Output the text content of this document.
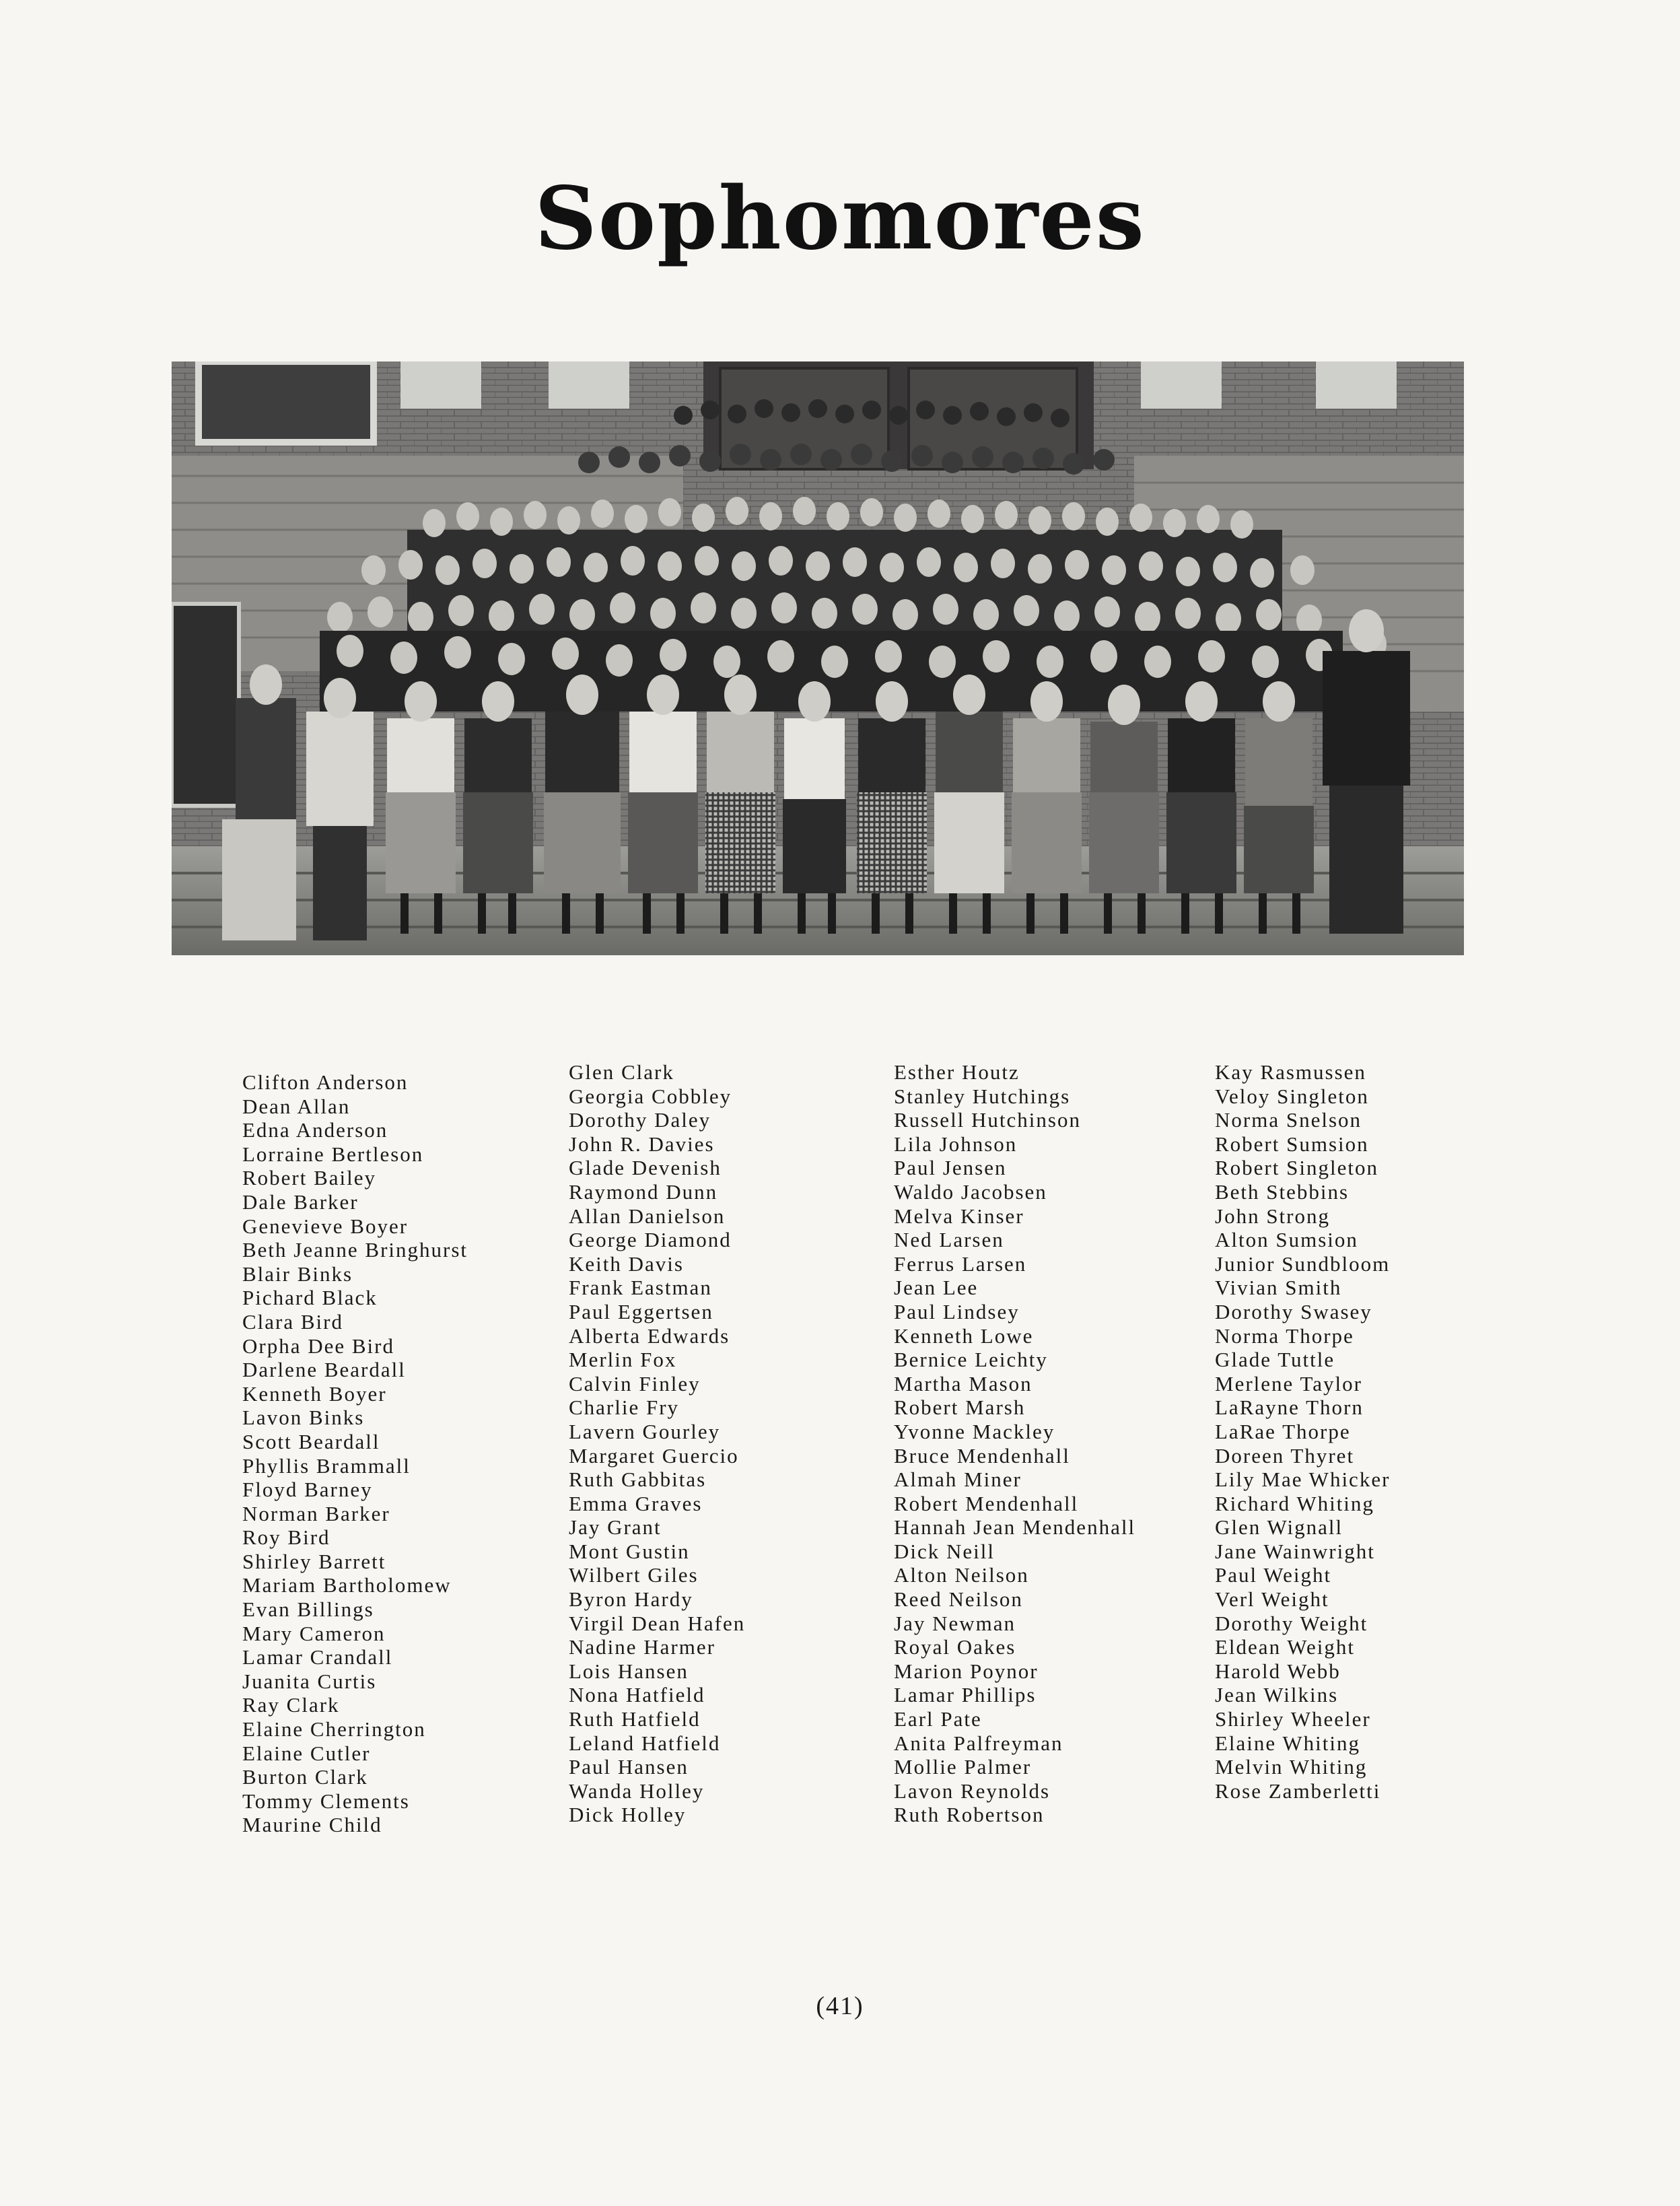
Sophomores
Clifton Anderson
Dean Allan
Edna Anderson
Lorraine Bertleson
Robert Bailey
Dale Barker
Genevieve Boyer
Beth Jeanne Bringhurst
Blair Binks
Pichard Black
Clara Bird
Orpha Dee Bird
Darlene Beardall
Kenneth Boyer
Lavon Binks
Scott Beardall
Phyllis Brammall
Floyd Barney
Norman Barker
Roy Bird
Shirley Barrett
Mariam Bartholomew
Evan Billings
Mary Cameron
Lamar Crandall
Juanita Curtis
Ray Clark
Elaine Cherrington
Elaine Cutler
Burton Clark
Tommy Clements
Maurine Child
Glen Clark
Georgia Cobbley
Dorothy Daley
John R. Davies
Glade Devenish
Raymond Dunn
Allan Danielson
George Diamond
Keith Davis
Frank Eastman
Paul Eggertsen
Alberta Edwards
Merlin Fox
Calvin Finley
Charlie Fry
Lavern Gourley
Margaret Guercio
Ruth Gabbitas
Emma Graves
Jay Grant
Mont Gustin
Wilbert Giles
Byron Hardy
Virgil Dean Hafen
Nadine Harmer
Lois Hansen
Nona Hatfield
Ruth Hatfield
Leland Hatfield
Paul Hansen
Wanda Holley
Dick Holley
Esther Houtz
Stanley Hutchings
Russell Hutchinson
Lila Johnson
Paul Jensen
Waldo Jacobsen
Melva Kinser
Ned Larsen
Ferrus Larsen
Jean Lee
Paul Lindsey
Kenneth Lowe
Bernice Leichty
Martha Mason
Robert Marsh
Yvonne Mackley
Bruce Mendenhall
Almah Miner
Robert Mendenhall
Hannah Jean Mendenhall
Dick Neill
Alton Neilson
Reed Neilson
Jay Newman
Royal Oakes
Marion Poynor
Lamar Phillips
Earl Pate
Anita Palfreyman
Mollie Palmer
Lavon Reynolds
Ruth Robertson
Kay Rasmussen
Veloy Singleton
Norma Snelson
Robert Sumsion
Robert Singleton
Beth Stebbins
John Strong
Alton Sumsion
Junior Sundbloom
Vivian Smith
Dorothy Swasey
Norma Thorpe
Glade Tuttle
Merlene Taylor
LaRayne Thorn
LaRae Thorpe
Doreen Thyret
Lily Mae Whicker
Richard Whiting
Glen Wignall
Jane Wainwright
Paul Weight
Verl Weight
Dorothy Weight
Eldean Weight
Harold Webb
Jean Wilkins
Shirley Wheeler
Elaine Whiting
Melvin Whiting
Rose Zamberletti
(41)
